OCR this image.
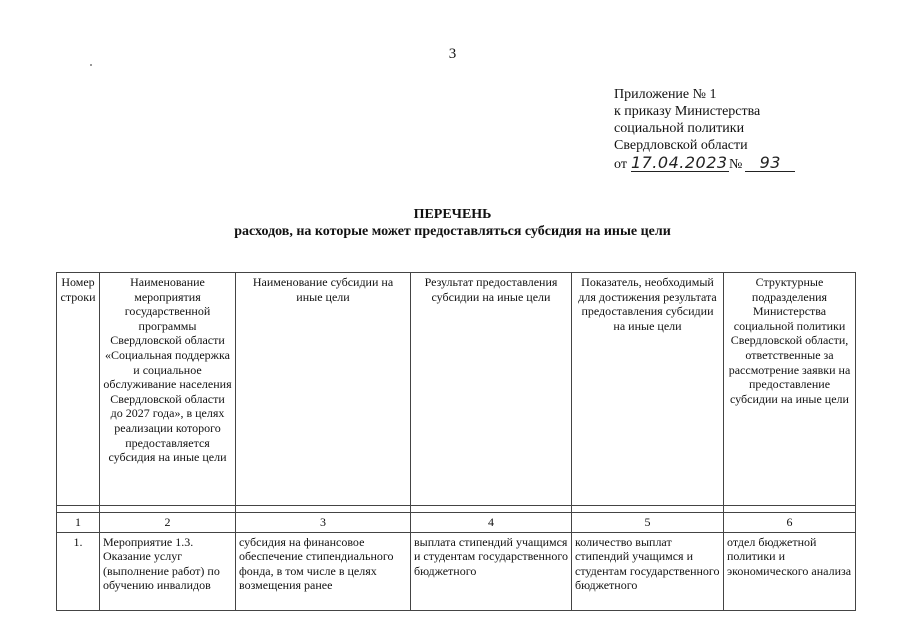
3
Приложение № 1
к приказу Министерства
социальной политики
Свердловской области
от 17.04.2023№ 93
ПЕРЕЧЕНЬ
расходов, на которые может предоставляться субсидия на иные цели
Номер строки	Наименование мероприятия государственной программы Свердловской области «Социальная поддержка и социальное обслуживание населения Свердловской области до 2027 года», в целях реализации которого предоставляется субсидия на иные цели	Наименование субсидии на иные цели	Результат предоставления субсидии на иные цели	Показатель, необходимый для достижения результата предоставления субсидии на иные цели	Структурные подразделения Министерства социальной политики Свердловской области, ответственные за рассмотрение заявки на предоставление субсидии на иные цели

1	2	3	4	5	6
1.	Мероприятие 1.3. Оказание услуг (выполнение работ) по обучению инвалидов	субсидия на финансовое обеспечение стипендиального фонда, в том числе в целях возмещения ранее	выплата стипендий учащимся и студентам государственного бюджетного	количество выплат стипендий учащимся и студентам государственного бюджетного	отдел бюджетной политики и экономического анализа
